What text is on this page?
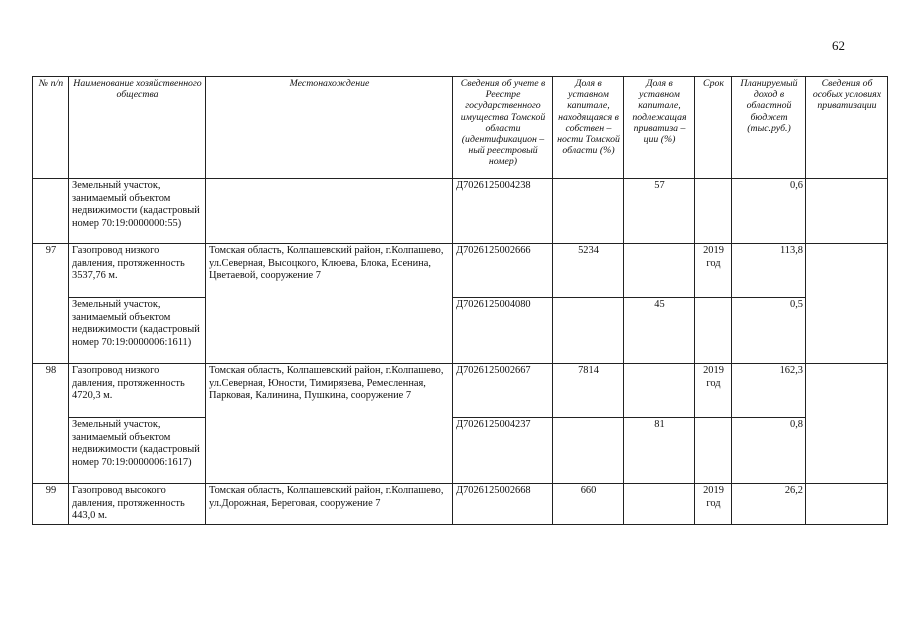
62
№ п/п	Наименование хозяйственного общества	Местонахождение	Сведения об учете в Реестре государственного имущества Томской области (идентификацион – ный реестровый номер)	Доля в уставном капитале, находящаяся в собствен – ности Томской области (%)	Доля в уставном капитале, подлежащая приватиза – ции (%)	Срок	Планируемый доход в областной бюджет (тыс.руб.)	Сведения об особых условиях приватизации
	Земельный участок, занимаемый объектом недвижимости (кадастровый номер 70:19:0000000:55)		Д7026125004238		57		0,6	
97	Газопровод низкого давления, протяженность 3537,76 м.	Томская область, Колпашевский район, г.Колпашево, ул.Северная, Высоцкого, Клюева, Блока, Есенина, Цветаевой, сооружение 7	Д7026125002666	5234		2019 год	113,8	
	Земельный участок, занимаемый объектом недвижимости (кадастровый номер 70:19:0000006:1611)		Д7026125004080		45		0,5	
98	Газопровод низкого давления, протяженность 4720,3 м.	Томская область, Колпашевский район, г.Колпашево, ул.Северная, Юности, Тимирязева, Ремесленная, Парковая, Калинина, Пушкина, сооружение 7	Д7026125002667	7814		2019 год	162,3	
	Земельный участок, занимаемый объектом недвижимости (кадастровый номер 70:19:0000006:1617)		Д7026125004237		81		0,8	
99	Газопровод высокого давления, протяженность 443,0 м.	Томская область, Колпашевский район, г.Колпашево, ул.Дорожная, Береговая, сооружение 7	Д7026125002668	660		2019 год	26,2	
